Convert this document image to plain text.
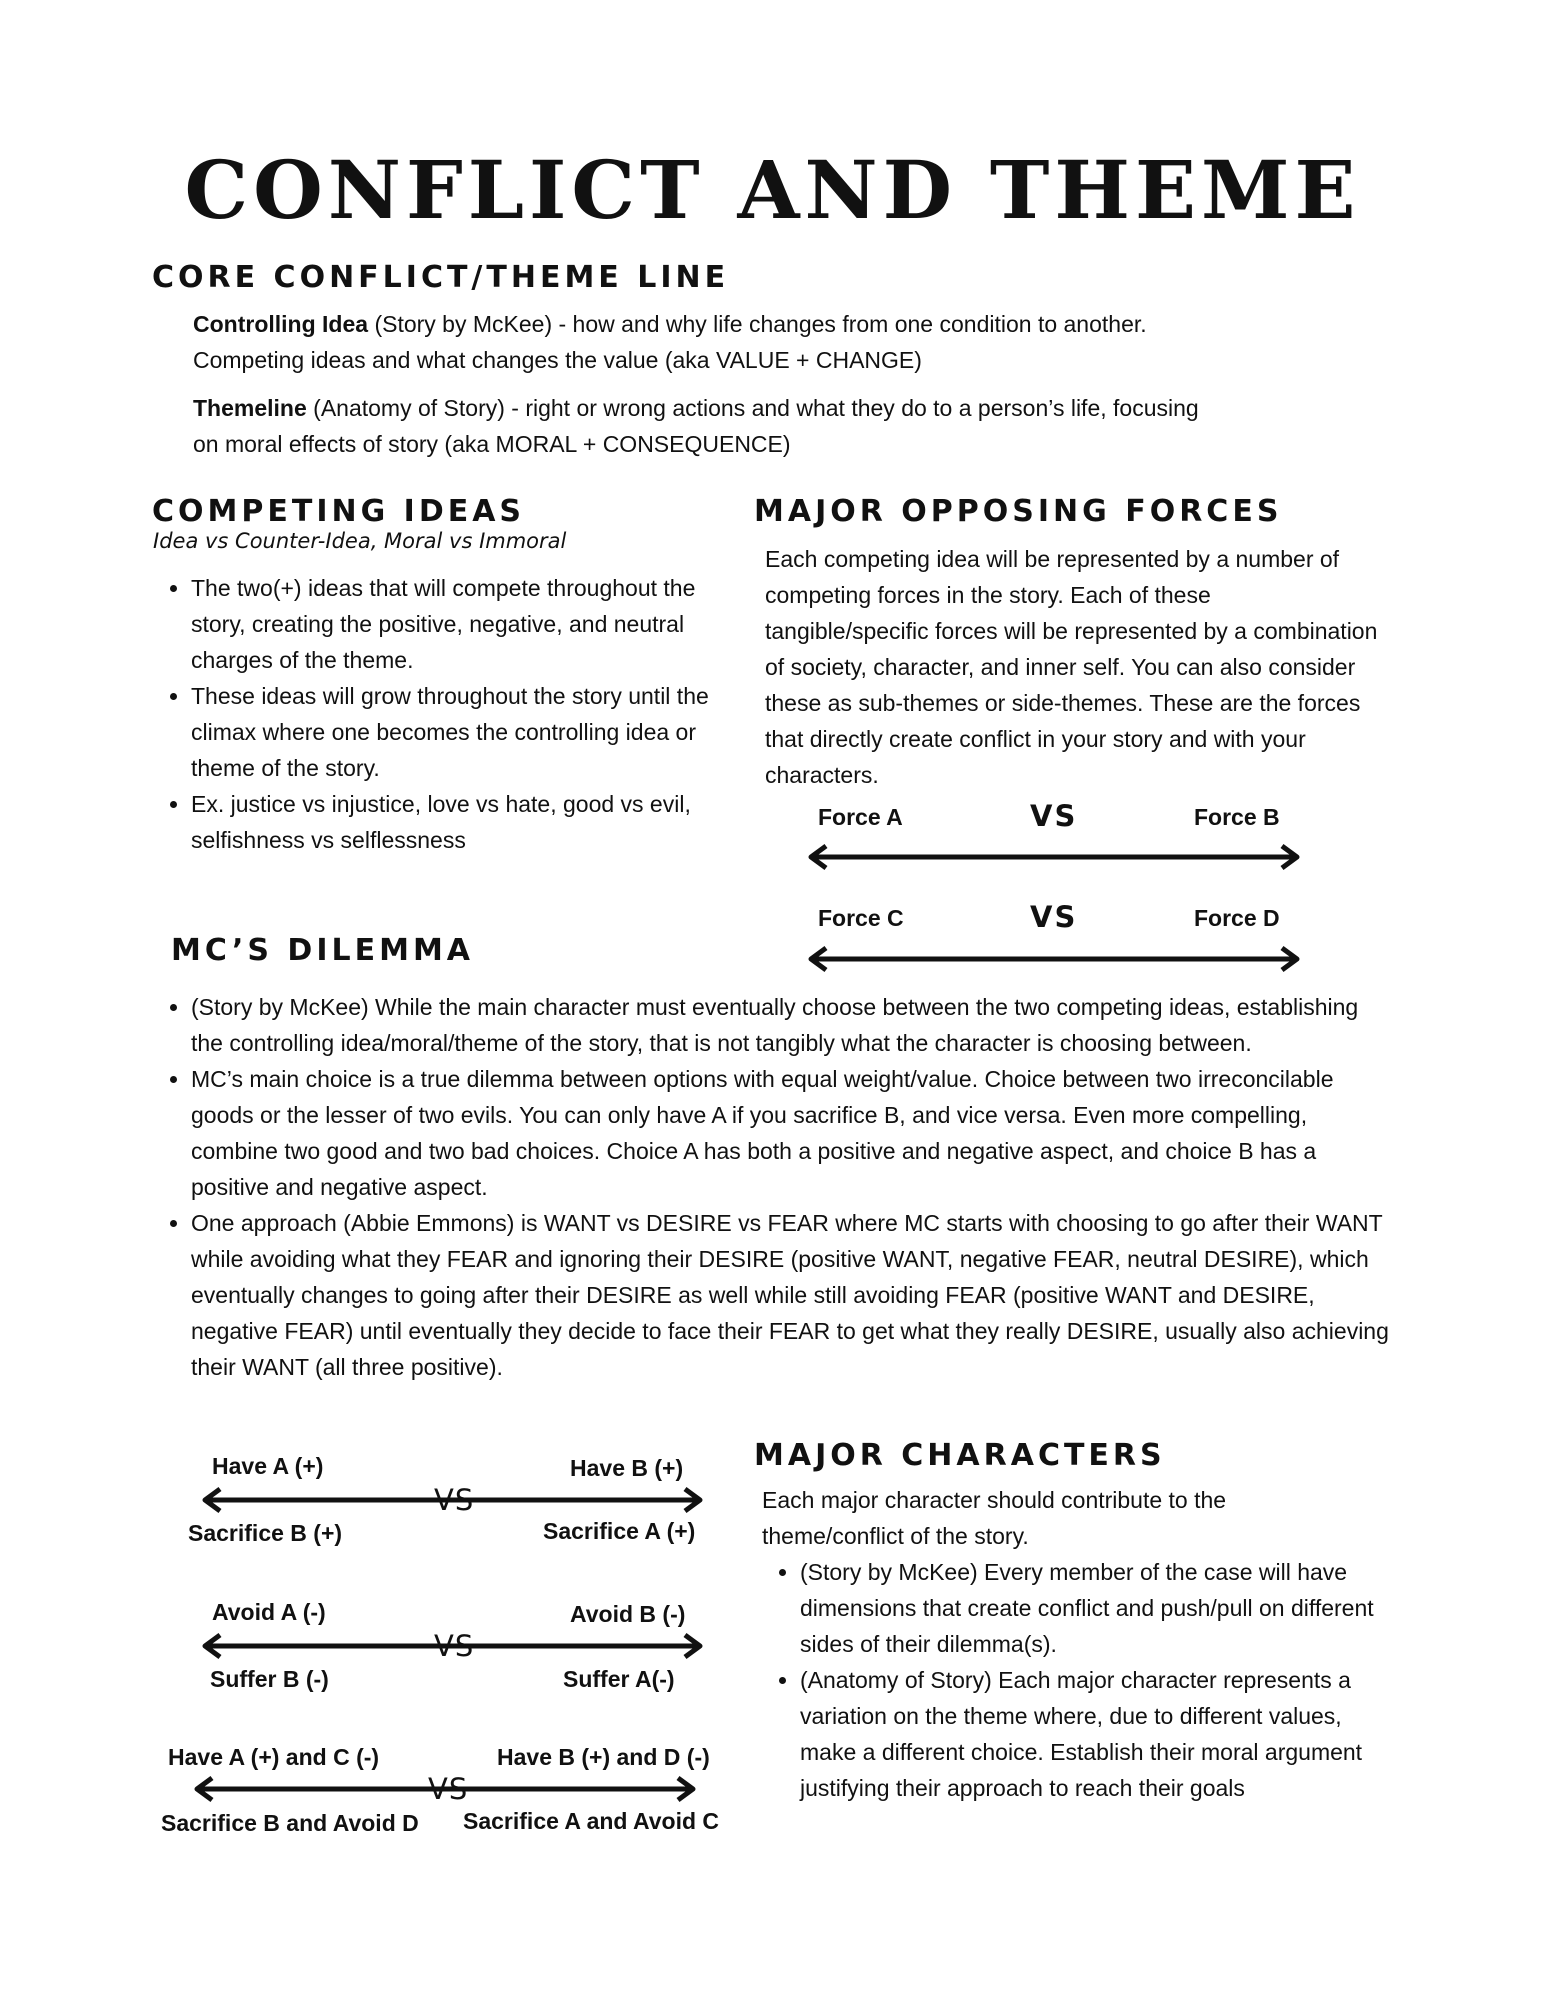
CONFLICT AND THEME
CORE CONFLICT/THEME LINE
Controlling Idea (Story by McKee) - how and why life changes from one condition to another.
Competing ideas and what changes the value (aka VALUE + CHANGE)
Themeline (Anatomy of Story) - right or wrong actions and what they do to a person’s life, focusing
on moral effects of story (aka MORAL + CONSEQUENCE)
COMPETING IDEAS
Idea vs Counter-Idea, Moral vs Immoral
• The two(+) ideas that will compete throughout the story, creating the positive, negative, and neutral charges of the theme.
• These ideas will grow throughout the story until the climax where one becomes the controlling idea or theme of the story.
• Ex. justice vs injustice, love vs hate, good vs evil, selfishness vs selflessness
MAJOR OPPOSING FORCES
Each competing idea will be represented by a number of competing forces in the story. Each of these tangible/specific forces will be represented by a combination of society, character, and inner self. You can also consider these as sub-themes or side-themes. These are the forces that directly create conflict in your story and with your characters.
Force A	VS	Force B
Force C	VS	Force D
MC’S DILEMMA
• (Story by McKee) While the main character must eventually choose between the two competing ideas, establishing the controlling idea/moral/theme of the story, that is not tangibly what the character is choosing between.
• MC’s main choice is a true dilemma between options with equal weight/value. Choice between two irreconcilable goods or the lesser of two evils. You can only have A if you sacrifice B, and vice versa. Even more compelling, combine two good and two bad choices. Choice A has both a positive and negative aspect, and choice B has a positive and negative aspect.
• One approach (Abbie Emmons) is WANT vs DESIRE vs FEAR where MC starts with choosing to go after their WANT while avoiding what they FEAR and ignoring their DESIRE (positive WANT, negative FEAR, neutral DESIRE), which eventually changes to going after their DESIRE as well while still avoiding FEAR (positive WANT and DESIRE, negative FEAR) until eventually they decide to face their FEAR to get what they really DESIRE, usually also achieving their WANT (all three positive).
Have A (+)	Have B (+)
VS
Sacrifice B (+)	Sacrifice A (+)
Avoid A (-)	Avoid B (-)
VS
Suffer B (-)	Suffer A(-)
Have A (+) and C (-)	Have B (+) and D (-)
VS
Sacrifice B and Avoid D Sacrifice A and Avoid C
MAJOR CHARACTERS
Each major character should contribute to the theme/conflict of the story.
• (Story by McKee) Every member of the case will have dimensions that create conflict and push/pull on different sides of their dilemma(s).
• (Anatomy of Story) Each major character represents a variation on the theme where, due to different values, make a different choice. Establish their moral argument justifying their approach to reach their goals
